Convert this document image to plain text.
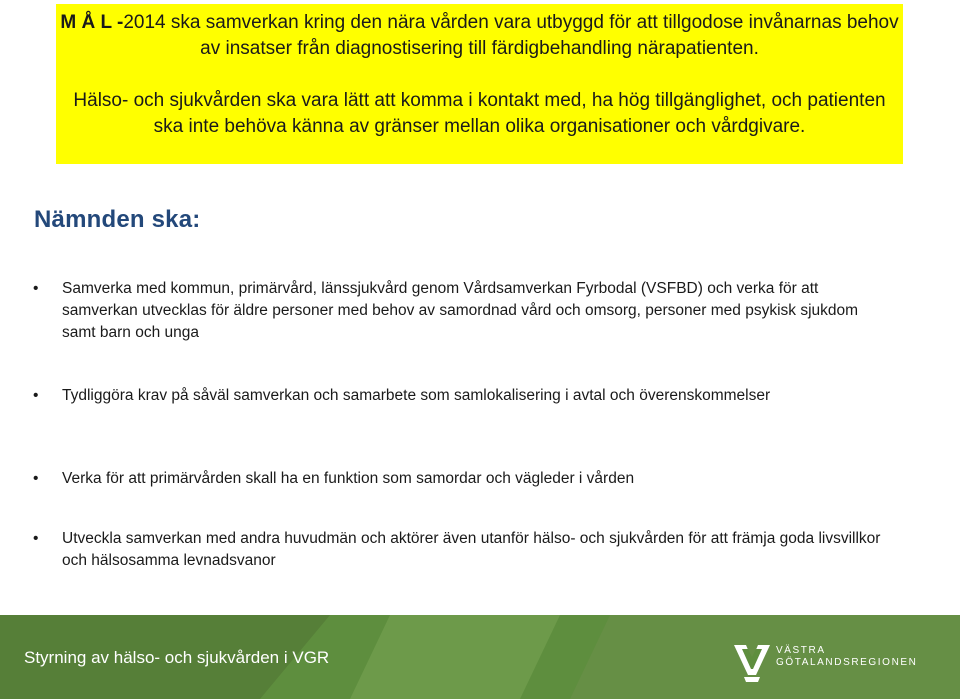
M Å L -2014 ska samverkan kring den nära vården vara utbyggd för att tillgodose invånarnas behov av insatser från diagnostisering till färdigbehandling närapatienten.
Hälso- och sjukvården ska vara lätt att komma i kontakt med, ha hög tillgänglighet, och patienten ska inte behöva känna av gränser mellan olika organisationer och vårdgivare.
Nämnden ska:
• Samverka med kommun, primärvård, länssjukvård genom Vårdsamverkan Fyrbodal (VSFBD) och verka för att samverkan utvecklas för äldre personer med behov av samordnad vård och omsorg, personer med psykisk sjukdom samt barn och unga
• Tydliggöra krav på såväl samverkan och samarbete som samlokalisering i avtal och överenskommelser
• Verka för att primärvården skall ha en funktion som samordar och vägleder i vården
• Utveckla samverkan med andra huvudmän och aktörer även utanför hälso- och sjukvården för att främja goda livsvillkor och hälsosamma levnadsvanor
Styrning av hälso- och sjukvården i VGR	VÄSTRA
GÖTALANDSREGIONEN
